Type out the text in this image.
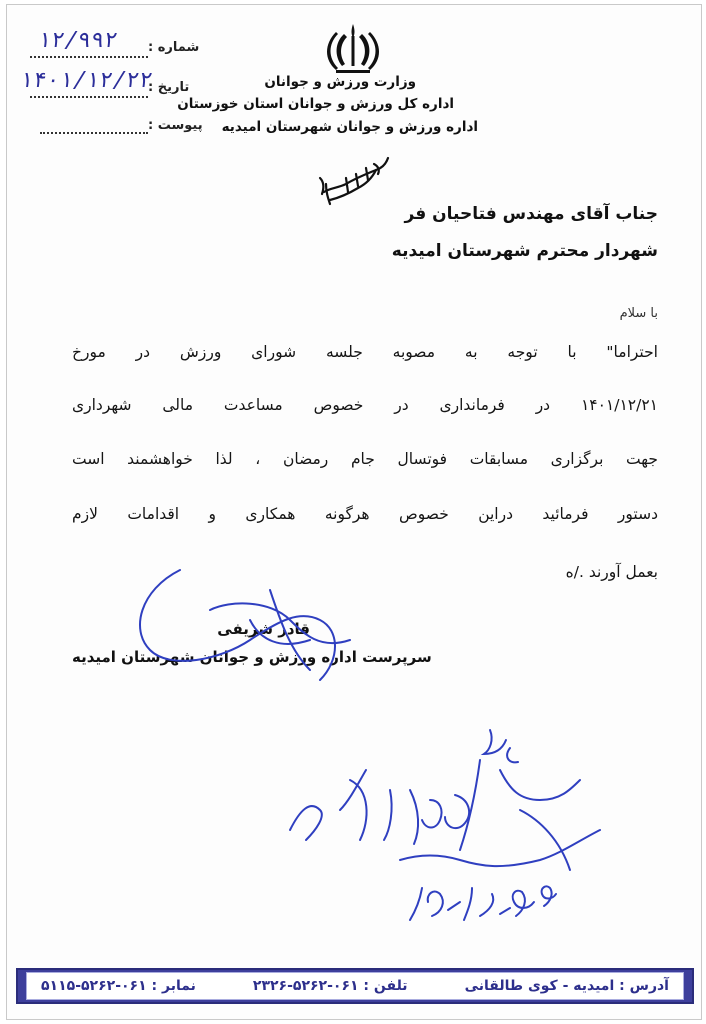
شماره :
۱۲/۹۹۲
تاریخ :
۱۴۰۱/۱۲/۲۲
پیوست :
وزارت ورزش و جوانان
اداره کل ورزش و جوانان استان خوزستان
اداره ورزش و جوانان شهرستان امیدیه
جناب آقای مهندس فتاحیان فر
شهردار محترم شهرستان امیدیه
با سلام
احتراما" با توجه به مصوبه جلسه شورای ورزش در مورخ
۱۴۰۱/۱۲/۲۱ در فرمانداری در خصوص مساعدت مالی شهرداری
جهت برگزاری مسابقات فوتسال جام رمضان ، لذا خواهشمند است
دستور فرمائید دراین خصوص هرگونه همکاری و اقدامات لازم
بعمل آورند ./ه
قادر شریفی
سرپرست اداره ورزش و جوانان شهرستان امیدیه
آدرس : امیدیه - کوی طالقانی
تلفن : ۰۶۱-۵۲۶۲-۲۳۲۶
نمابر : ۰۶۱-۵۲۶۲-۵۱۱۵
